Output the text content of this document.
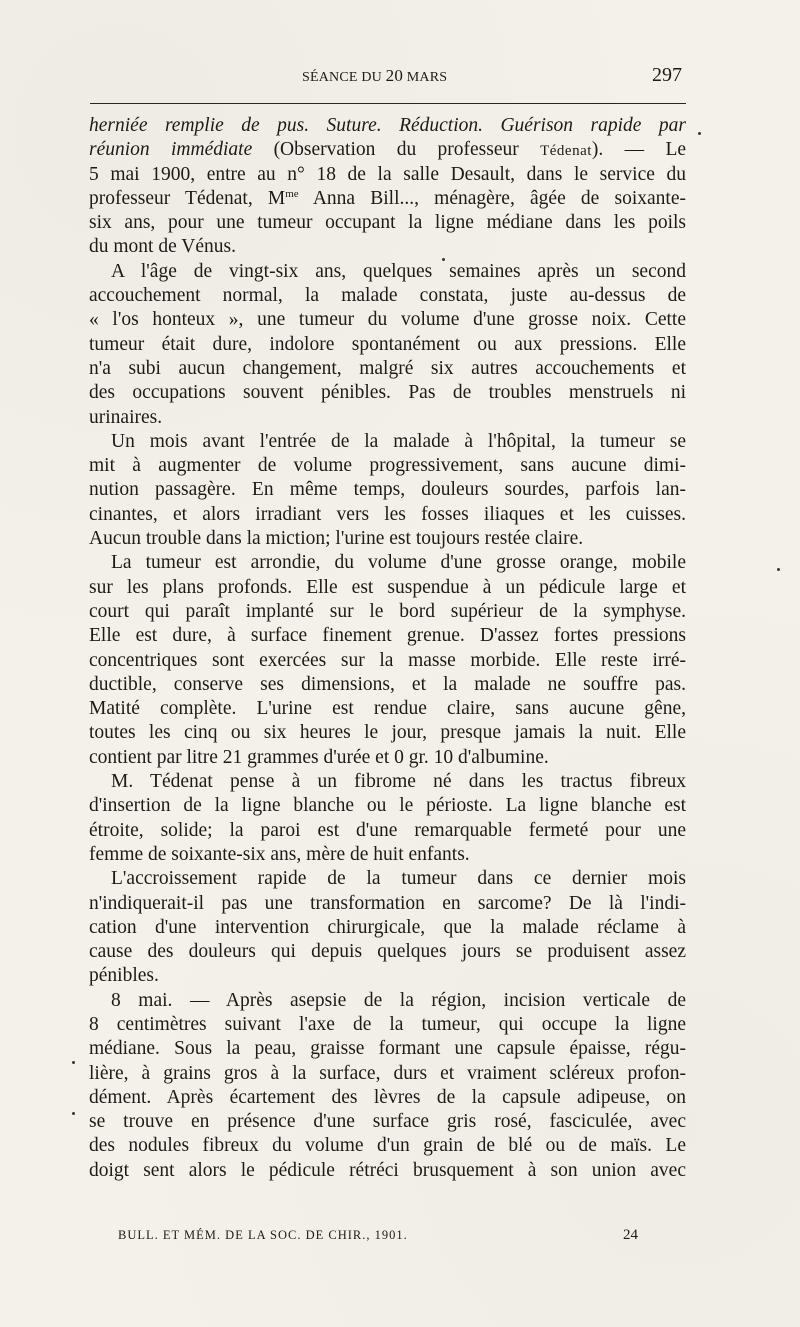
SÉANCE DU 20 MARS	297
herniée remplie de pus. Suture. Réduction. Guérison rapide par
réunion immédiate (Observation du professeur Tédenat). — Le
5 mai 1900, entre au n° 18 de la salle Desault, dans le service du
professeur Tédenat, $M^{me}$ Anna Bill..., ménagère, âgée de soixante-
six ans, pour une tumeur occupant la ligne médiane dans les poils
du mont de Vénus.
A l'âge de vingt-six ans, quelques semaines après un second
accouchement normal, la malade constata, juste au-dessus de
« l'os honteux », une tumeur du volume d'une grosse noix. Cette
tumeur était dure, indolore spontanément ou aux pressions. Elle
n'a subi aucun changement, malgré six autres accouchements et
des occupations souvent pénibles. Pas de troubles menstruels ni
urinaires.
Un mois avant l'entrée de la malade à l'hôpital, la tumeur se
mit à augmenter de volume progressivement, sans aucune dimi-
nution passagère. En même temps, douleurs sourdes, parfois lan-
cinantes, et alors irradiant vers les fosses iliaques et les cuisses.
Aucun trouble dans la miction; l'urine est toujours restée claire.
La tumeur est arrondie, du volume d'une grosse orange, mobile
sur les plans profonds. Elle est suspendue à un pédicule large et
court qui paraît implanté sur le bord supérieur de la symphyse.
Elle est dure, à surface finement grenue. D'assez fortes pressions
concentriques sont exercées sur la masse morbide. Elle reste irré-
ductible, conserve ses dimensions, et la malade ne souffre pas.
Matité complète. L'urine est rendue claire, sans aucune gêne,
toutes les cinq ou six heures le jour, presque jamais la nuit. Elle
contient par litre 21 grammes d'urée et 0 gr. 10 d'albumine.
M. Tédenat pense à un fibrome né dans les tractus fibreux
d'insertion de la ligne blanche ou le périoste. La ligne blanche est
étroite, solide; la paroi est d'une remarquable fermeté pour une
femme de soixante-six ans, mère de huit enfants.
L'accroissement rapide de la tumeur dans ce dernier mois
n'indiquerait-il pas une transformation en sarcome? De là l'indi-
cation d'une intervention chirurgicale, que la malade réclame à
cause des douleurs qui depuis quelques jours se produisent assez
pénibles.
8 mai. — Après asepsie de la région, incision verticale de
8 centimètres suivant l'axe de la tumeur, qui occupe la ligne
médiane. Sous la peau, graisse formant une capsule épaisse, régu-
lière, à grains gros à la surface, durs et vraiment scléreux profon-
dément. Après écartement des lèvres de la capsule adipeuse, on
se trouve en présence d'une surface gris rosé, fasciculée, avec
des nodules fibreux du volume d'un grain de blé ou de maïs. Le
doigt sent alors le pédicule rétréci brusquement à son union avec
BULL. ET MÉM. DE LA SOC. DE CHIR., 1901.	24
